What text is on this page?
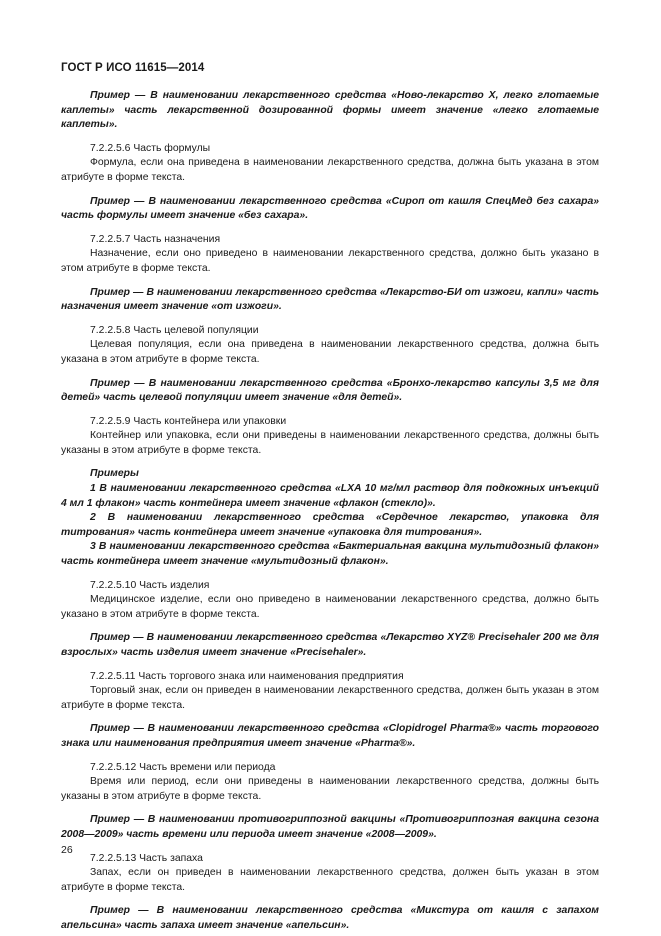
ГОСТ Р ИСО 11615—2014

Пример — В наименовании лекарственного средства «Ново-лекарство X, легко глотаемые каплеты» часть лекарственной дозированной формы имеет значение «легко глотаемые каплеты».

7.2.2.5.6 Часть формулы

Формула, если она приведена в наименовании лекарственного средства, должна быть указана в этом атрибуте в форме текста.

Пример — В наименовании лекарственного средства «Сироп от кашля СпецМед без сахара» часть формулы имеет значение «без сахара».

7.2.2.5.7 Часть назначения

Назначение, если оно приведено в наименовании лекарственного средства, должно быть указано в этом атрибуте в форме текста.

Пример — В наименовании лекарственного средства «Лекарство-БИ от изжоги, капли» часть назначения имеет значение «от изжоги».

7.2.2.5.8 Часть целевой популяции

Целевая популяция, если она приведена в наименовании лекарственного средства, должна быть указана в этом атрибуте в форме текста.

Пример — В наименовании лекарственного средства «Бронхо-лекарство капсулы 3,5 мг для детей» часть целевой популяции имеет значение «для детей».

7.2.2.5.9 Часть контейнера или упаковки

Контейнер или упаковка, если они приведены в наименовании лекарственного средства, должны быть указаны в этом атрибуте в форме текста.

Примеры

1 В наименовании лекарственного средства «LXA 10 мг/мл раствор для подкожных инъекций 4 мл 1 флакон» часть контейнера имеет значение «флакон (стекло)».

2 В наименовании лекарственного средства «Сердечное лекарство, упаковка для титрования» часть контейнера имеет значение «упаковка для титрования».

3 В наименовании лекарственного средства «Бактериальная вакцина мультидозный флакон» часть контейнера имеет значение «мультидозный флакон».

7.2.2.5.10 Часть изделия

Медицинское изделие, если оно приведено в наименовании лекарственного средства, должно быть указано в этом атрибуте в форме текста.

Пример — В наименовании лекарственного средства «Лекарство XYZ® Precisehaler 200 мг для взрослых» часть изделия имеет значение «Precisehaler».

7.2.2.5.11 Часть торгового знака или наименования предприятия

Торговый знак, если он приведен в наименовании лекарственного средства, должен быть указан в этом атрибуте в форме текста.

Пример — В наименовании лекарственного средства «Clopidrogel Pharma®» часть торгового знака или наименования предприятия имеет значение «Pharma®».

7.2.2.5.12 Часть времени или периода

Время или период, если они приведены в наименовании лекарственного средства, должны быть указаны в этом атрибуте в форме текста.

Пример — В наименовании противогриппозной вакцины «Противогриппозная вакцина сезона 2008—2009» часть времени или периода имеет значение «2008—2009».

7.2.2.5.13 Часть запаха

Запах, если он приведен в наименовании лекарственного средства, должен быть указан в этом атрибуте в форме текста.

Пример — В наименовании лекарственного средства «Микстура от кашля с запахом апельсина» часть запаха имеет значение «апельсин».

26
